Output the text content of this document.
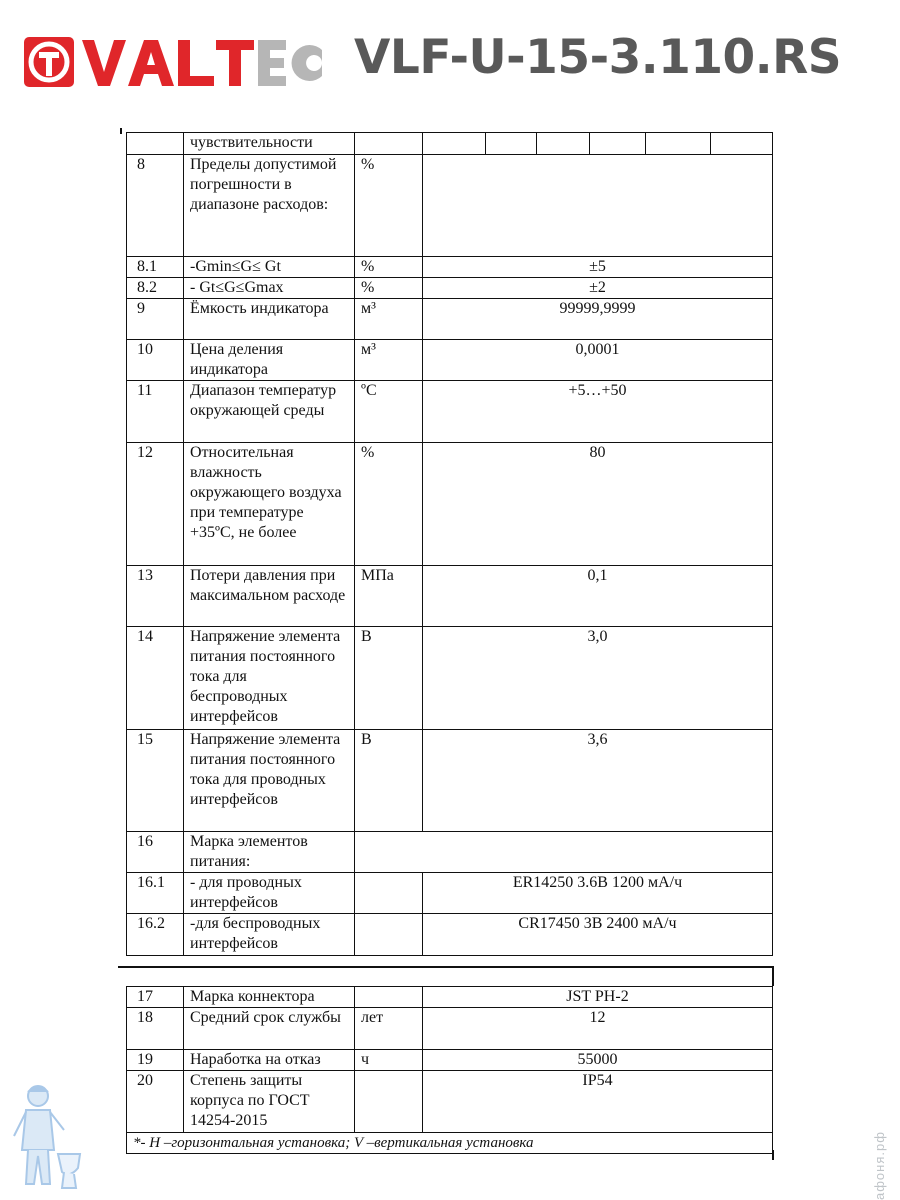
VLF-U-15-3.110.RS
	чувствительности		

8	Пределы допустимой погрешности в диапазоне расходов:	%	
8.1	-Gmin≤G≤ Gt	%	±5
8.2	- Gt≤G≤Gmax	%	±2
9	Ёмкость индикатора	м³	99999,9999
10	Цена деления индикатора	м³	0,0001
11	Диапазон температур окружающей среды	ºС	+5…+50
12	Относительная влажность окружающего воздуха при температуре +35ºС, не более	%	80
13	Потери давления при максимальном расходе	МПа	0,1
14	Напряжение элемента питания постоянного тока для беспроводных интерфейсов	В	3,0
15	Напряжение элемента питания постоянного тока для проводных интерфейсов	В	3,6
16	Марка элементов питания:		
16.1	- для проводных интерфейсов		ER14250 3.6В 1200 мА/ч
16.2	-для беспроводных интерфейсов		CR17450 3В 2400 мА/ч
17	Марка коннектора		JST PH-2
18	Средний срок службы	лет	12
19	Наработка на отказ	ч	55000
20	Степень защиты корпуса по ГОСТ 14254-2015		IP54
*- H –горизонтальная установка; V –вертикальная установка				афоня.рф
